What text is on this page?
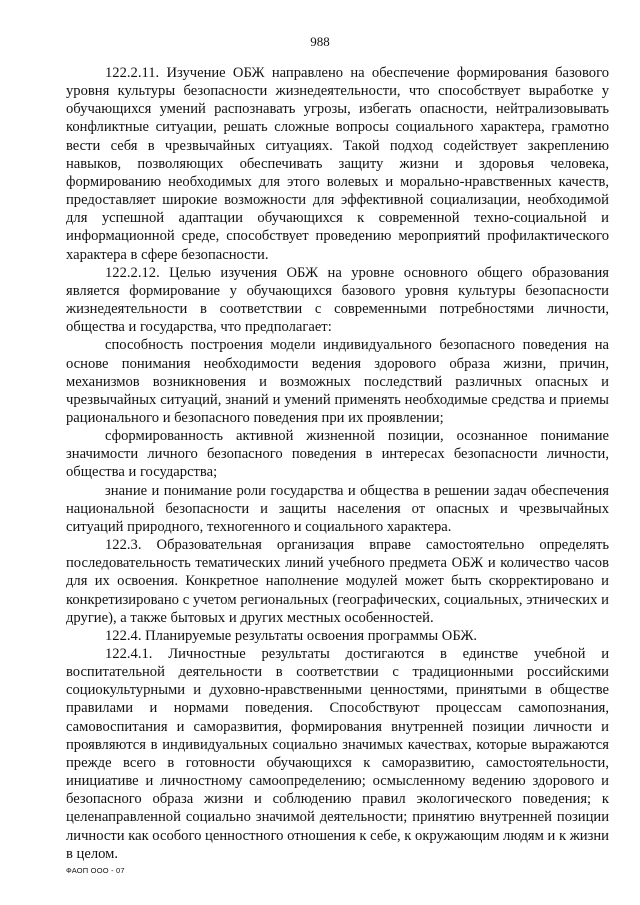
988

122.2.11. Изучение ОБЖ направлено на обеспечение формирования базового уровня культуры безопасности жизнедеятельности, что способствует выработке у обучающихся умений распознавать угрозы, избегать опасности, нейтрализовывать конфликтные ситуации, решать сложные вопросы социального характера, грамотно вести себя в чрезвычайных ситуациях. Такой подход содействует закреплению навыков, позволяющих обеспечивать защиту жизни и здоровья человека, формированию необходимых для этого волевых и морально-нравственных качеств, предоставляет широкие возможности для эффективной социализации, необходимой для успешной адаптации обучающихся к современной техно-социальной и информационной среде, способствует проведению мероприятий профилактического характера в сфере безопасности.

122.2.12. Целью изучения ОБЖ на уровне основного общего образования является формирование у обучающихся базового уровня культуры безопасности жизнедеятельности в соответствии с современными потребностями личности, общества и государства, что предполагает:

способность построения модели индивидуального безопасного поведения на основе понимания необходимости ведения здорового образа жизни, причин, механизмов возникновения и возможных последствий различных опасных и чрезвычайных ситуаций, знаний и умений применять необходимые средства и приемы рационального и безопасного поведения при их проявлении;

сформированность активной жизненной позиции, осознанное понимание значимости личного безопасного поведения в интересах безопасности личности, общества и государства;

знание и понимание роли государства и общества в решении задач обеспечения национальной безопасности и защиты населения от опасных и чрезвычайных ситуаций природного, техногенного и социального характера.

122.3. Образовательная организация вправе самостоятельно определять последовательность тематических линий учебного предмета ОБЖ и количество часов для их освоения. Конкретное наполнение модулей может быть скорректировано и конкретизировано с учетом региональных (географических, социальных, этнических и другие), а также бытовых и других местных особенностей.

122.4. Планируемые результаты освоения программы ОБЖ.

122.4.1. Личностные результаты достигаются в единстве учебной и воспитательной деятельности в соответствии с традиционными российскими социокультурными и духовно-нравственными ценностями, принятыми в обществе правилами и нормами поведения. Способствуют процессам самопознания, самовоспитания и саморазвития, формирования внутренней позиции личности и проявляются в индивидуальных социально значимых качествах, которые выражаются прежде всего в готовности обучающихся к саморазвитию, самостоятельности, инициативе и личностному самоопределению; осмысленному ведению здорового и безопасного образа жизни и соблюдению правил экологического поведения; к целенаправленной социально значимой деятельности; принятию внутренней позиции личности как особого ценностного отношения к себе, к окружающим людям и к жизни в целом.

ФАОП ООО - 07
